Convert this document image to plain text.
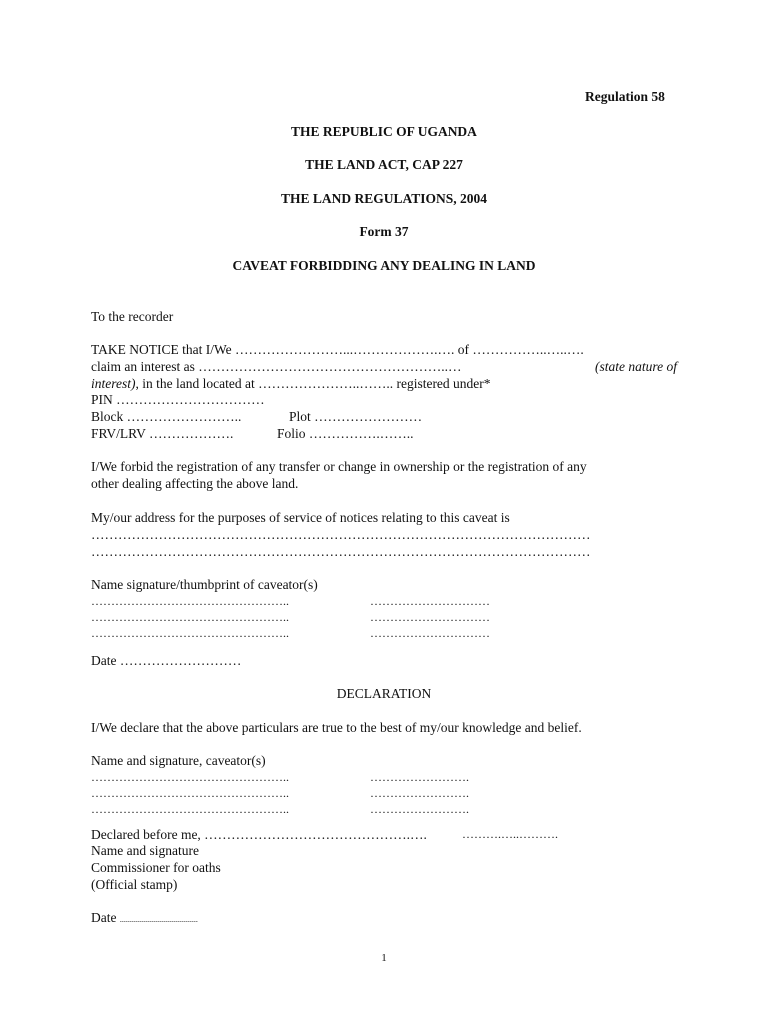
Regulation 58
THE REPUBLIC OF UGANDA
THE LAND ACT, CAP 227
THE LAND REGULATIONS, 2004
Form 37
CAVEAT FORBIDDING ANY DEALING IN LAND
To the recorder
TAKE NOTICE that I/We ……………………...……………….…. of ……………..…..….
claim an interest as ………………………………………………..…	(state nature of
interest), in the land located at …………………..…….. registered under*
PIN ……………………………
Block ……………………..	Plot ……………………
FRV/LRV ……………….	Folio …………….……..
I/We forbid the registration of any transfer or change in ownership or the registration of any
other dealing affecting the above land.
My/our address for the purposes of service of notices relating to this caveat is
…………………………………………………………………………………………………
…………………………………………………………………………………………………
Name signature/thumbprint of caveator(s)
…………………………………………..	…………………………
…………………………………………..	…………………………
…………………………………………..	…………………………
Date ………………………
DECLARATION
I/We declare that the above particulars are true to the best of my/our knowledge and belief.
Name and signature, caveator(s)
…………………………………………..	…………………….
…………………………………………..	…………………….
…………………………………………..	…………………….
Declared before me, ……………………………………….….	……….…..……….
Name and signature
Commissioner for oaths
(Official stamp)
Date .......................................
1
